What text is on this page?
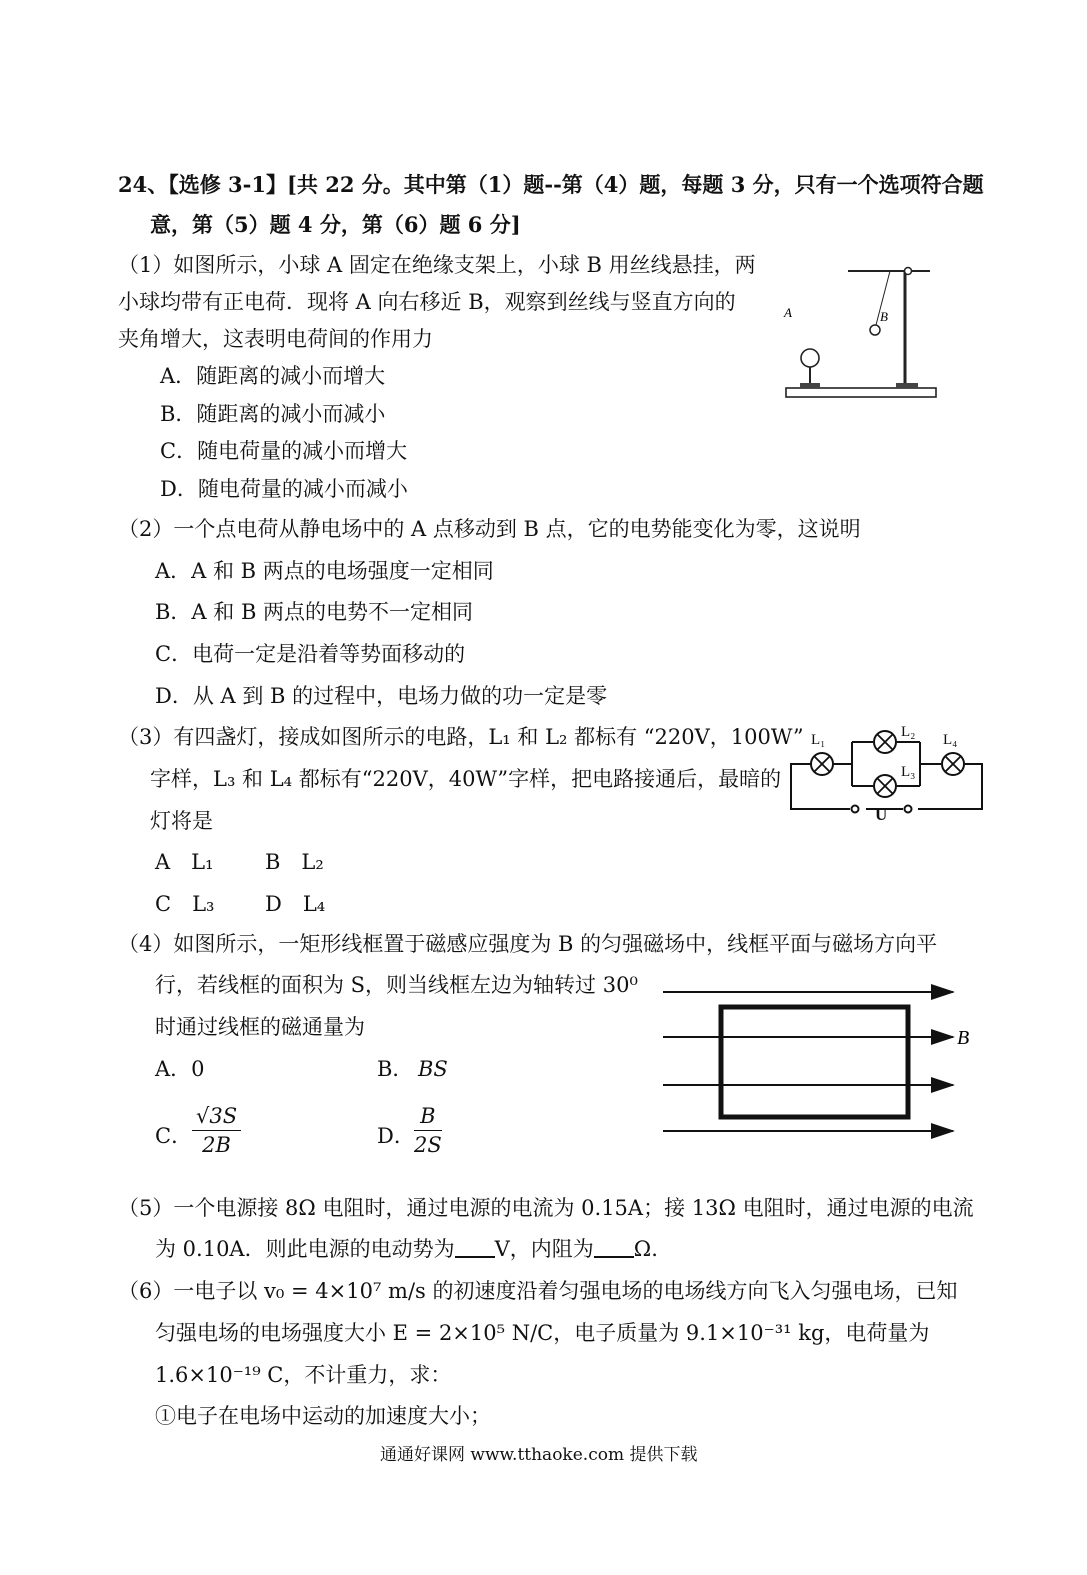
24、【选修 3-1】[共 22 分。其中第（1）题--第（4）题，每题 3 分，只有一个选项符合题
意，第（5）题 4 分，第（6）题 6 分]
（1）如图所示，小球 A 固定在绝缘支架上，小球 B 用丝线悬挂，两
小球均带有正电荷．现将 A 向右移近 B，观察到丝线与竖直方向的
夹角增大，这表明电荷间的作用力
A．随距离的减小而增大
B．随距离的减小而减小
C．随电荷量的减小而增大
D．随电荷量的减小而减小
A	B
（2）一个点电荷从静电场中的 A 点移动到 B 点，它的电势能变化为零，这说明
A．A 和 B 两点的电场强度一定相同
B．A 和 B 两点的电势不一定相同
C．电荷一定是沿着等势面移动的
D．从 A 到 B 的过程中，电场力做的功一定是零
（3）有四盏灯，接成如图所示的电路，L₁ 和 L₂ 都标有 “220V，100W”
字样，L₃ 和 L₄ 都标有“220V，40W”字样，把电路接通后，最暗的
灯将是
A　L₁ B　L₂
C　L₃ D　L₄
L₁	L₂
L₃
L₄
U
（4）如图所示，一矩形线框置于磁感应强度为 B 的匀强磁场中，线框平面与磁场方向平
行，若线框的面积为 S，则当线框左边为轴转过 30⁰
时通过线框的磁通量为
A．0	B． BS
C． $\frac{√3S}{2B}$	D． $\frac{B}{2S}$
B
（5）一个电源接 8Ω 电阻时，通过电源的电流为 0.15A；接 13Ω 电阻时，通过电源的电流
为 0.10A．则此电源的电动势为 V，内阻为 Ω.
（6）一电子以 v₀ = 4×10⁷ m/s 的初速度沿着匀强电场的电场线方向飞入匀强电场，已知
匀强电场的电场强度大小 E = 2×10⁵ N/C，电子质量为 9.1×10⁻³¹ kg，电荷量为
1.6×10⁻¹⁹ C，不计重力，求：
①电子在电场中运动的加速度大小；
通通好课网 www.tthaoke.com 提供下载
